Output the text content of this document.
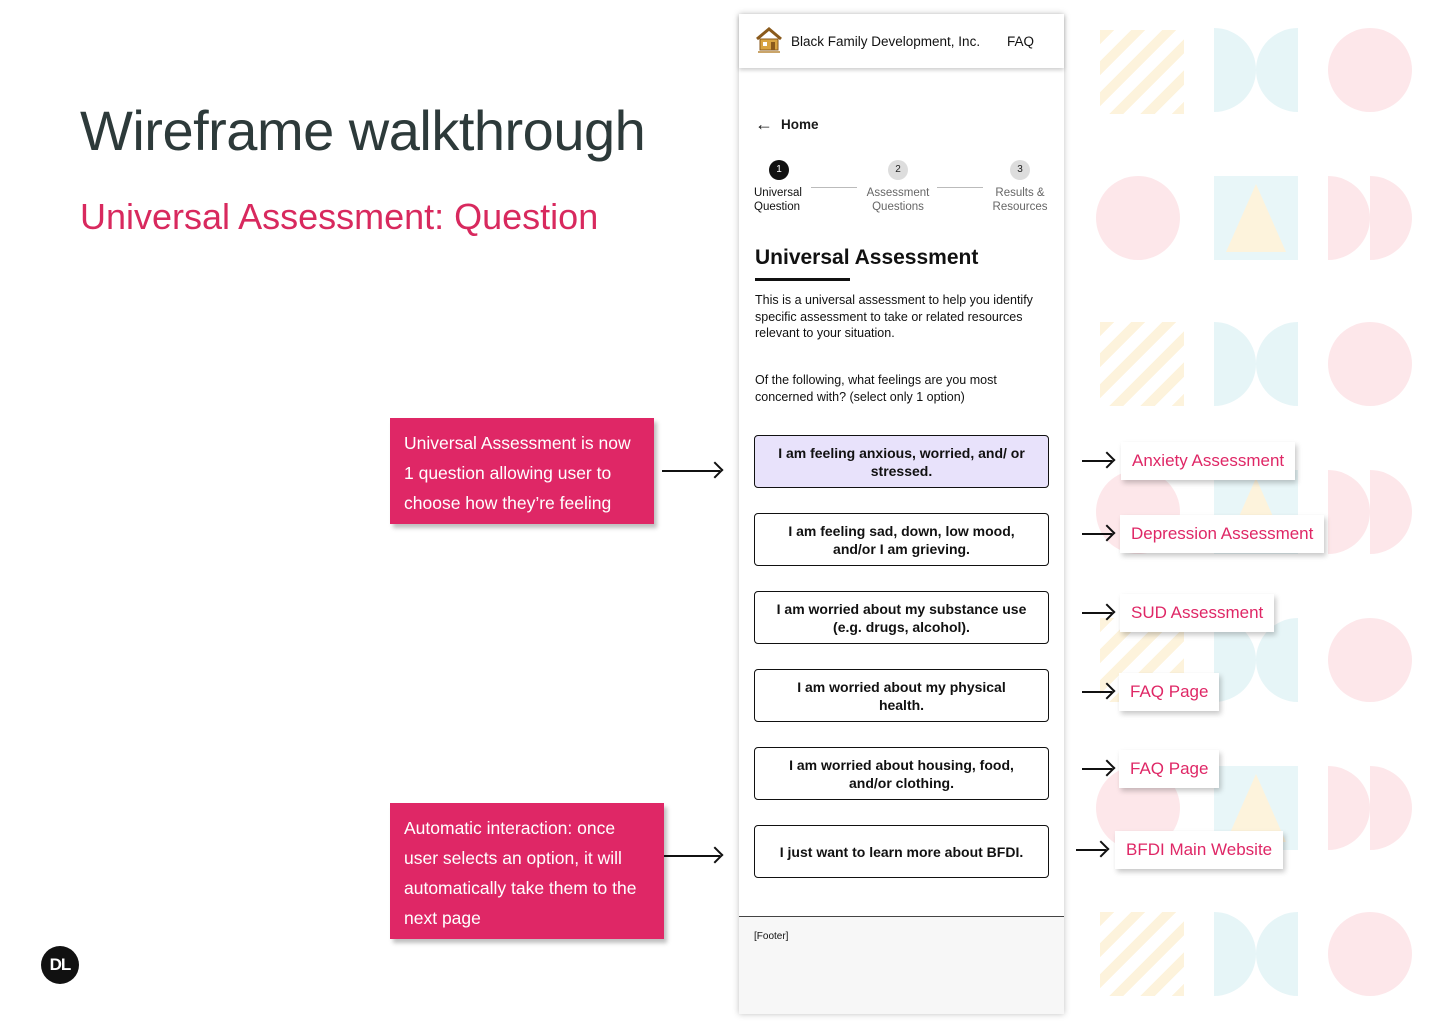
Wireframe walkthrough
Universal Assessment: Question
Universal Assessment is now 1 question allowing user to choose how they’re feeling
Automatic interaction: once user selects an option, it will automatically take them to the next page
Black Family Development, Inc. FAQ
← Home
1
Universal Question
2
Assessment Questions
3
Results & Resources
Universal Assessment
This is a universal assessment to help you identify specific assessment to take or related resources relevant to your situation.
Of the following, what feelings are you most concerned with? (select only 1 option)
I am feeling anxious, worried, and/ or stressed.
I am feeling sad, down, low mood, and/or I am grieving.
I am worried about my substance use (e.g. drugs, alcohol).
I am worried about my physical health.
I am worried about housing, food, and/or clothing.
I just want to learn more about BFDI.
[Footer]
Anxiety Assessment
Depression Assessment
SUD Assessment
FAQ Page
FAQ Page
BFDI Main Website
DL
